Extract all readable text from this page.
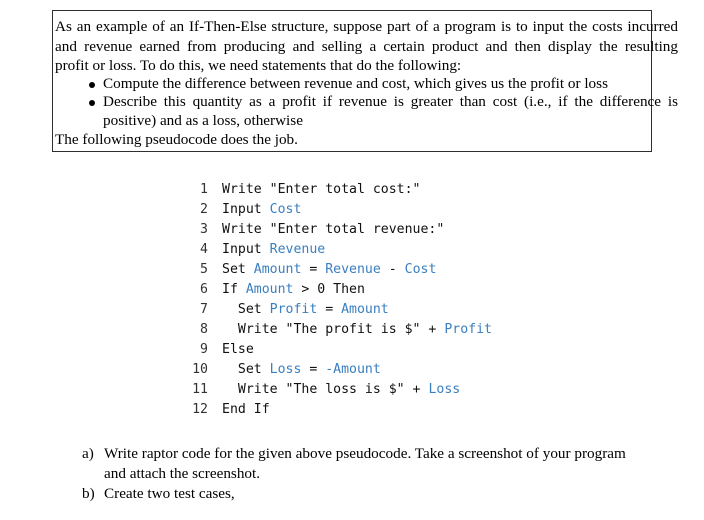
As an example of an If-Then-Else structure, suppose part of a program is to input the costs incurred
and revenue earned from producing and selling a certain product and then display the resulting
profit or loss. To do this, we need statements that do the following:
Compute the difference between revenue and cost, which gives us the profit or loss
Describe this quantity as a profit if revenue is greater than cost (i.e., if the difference is
positive) and as a loss, otherwise
The following pseudocode does the job.
1 Write "Enter total cost:"
2 Input Cost
3 Write "Enter total revenue:"
4 Input Revenue
5 Set Amount = Revenue - Cost
6 If Amount > 0 Then
7  Set Profit = Amount
8  Write "The profit is $" + Profit
9 Else
10  Set Loss = -Amount
11  Write "The loss is $" + Loss
12 End If
a) Write raptor code for the given above pseudocode. Take a screenshot of your program
and attach the screenshot.
b) Create two test cases,
